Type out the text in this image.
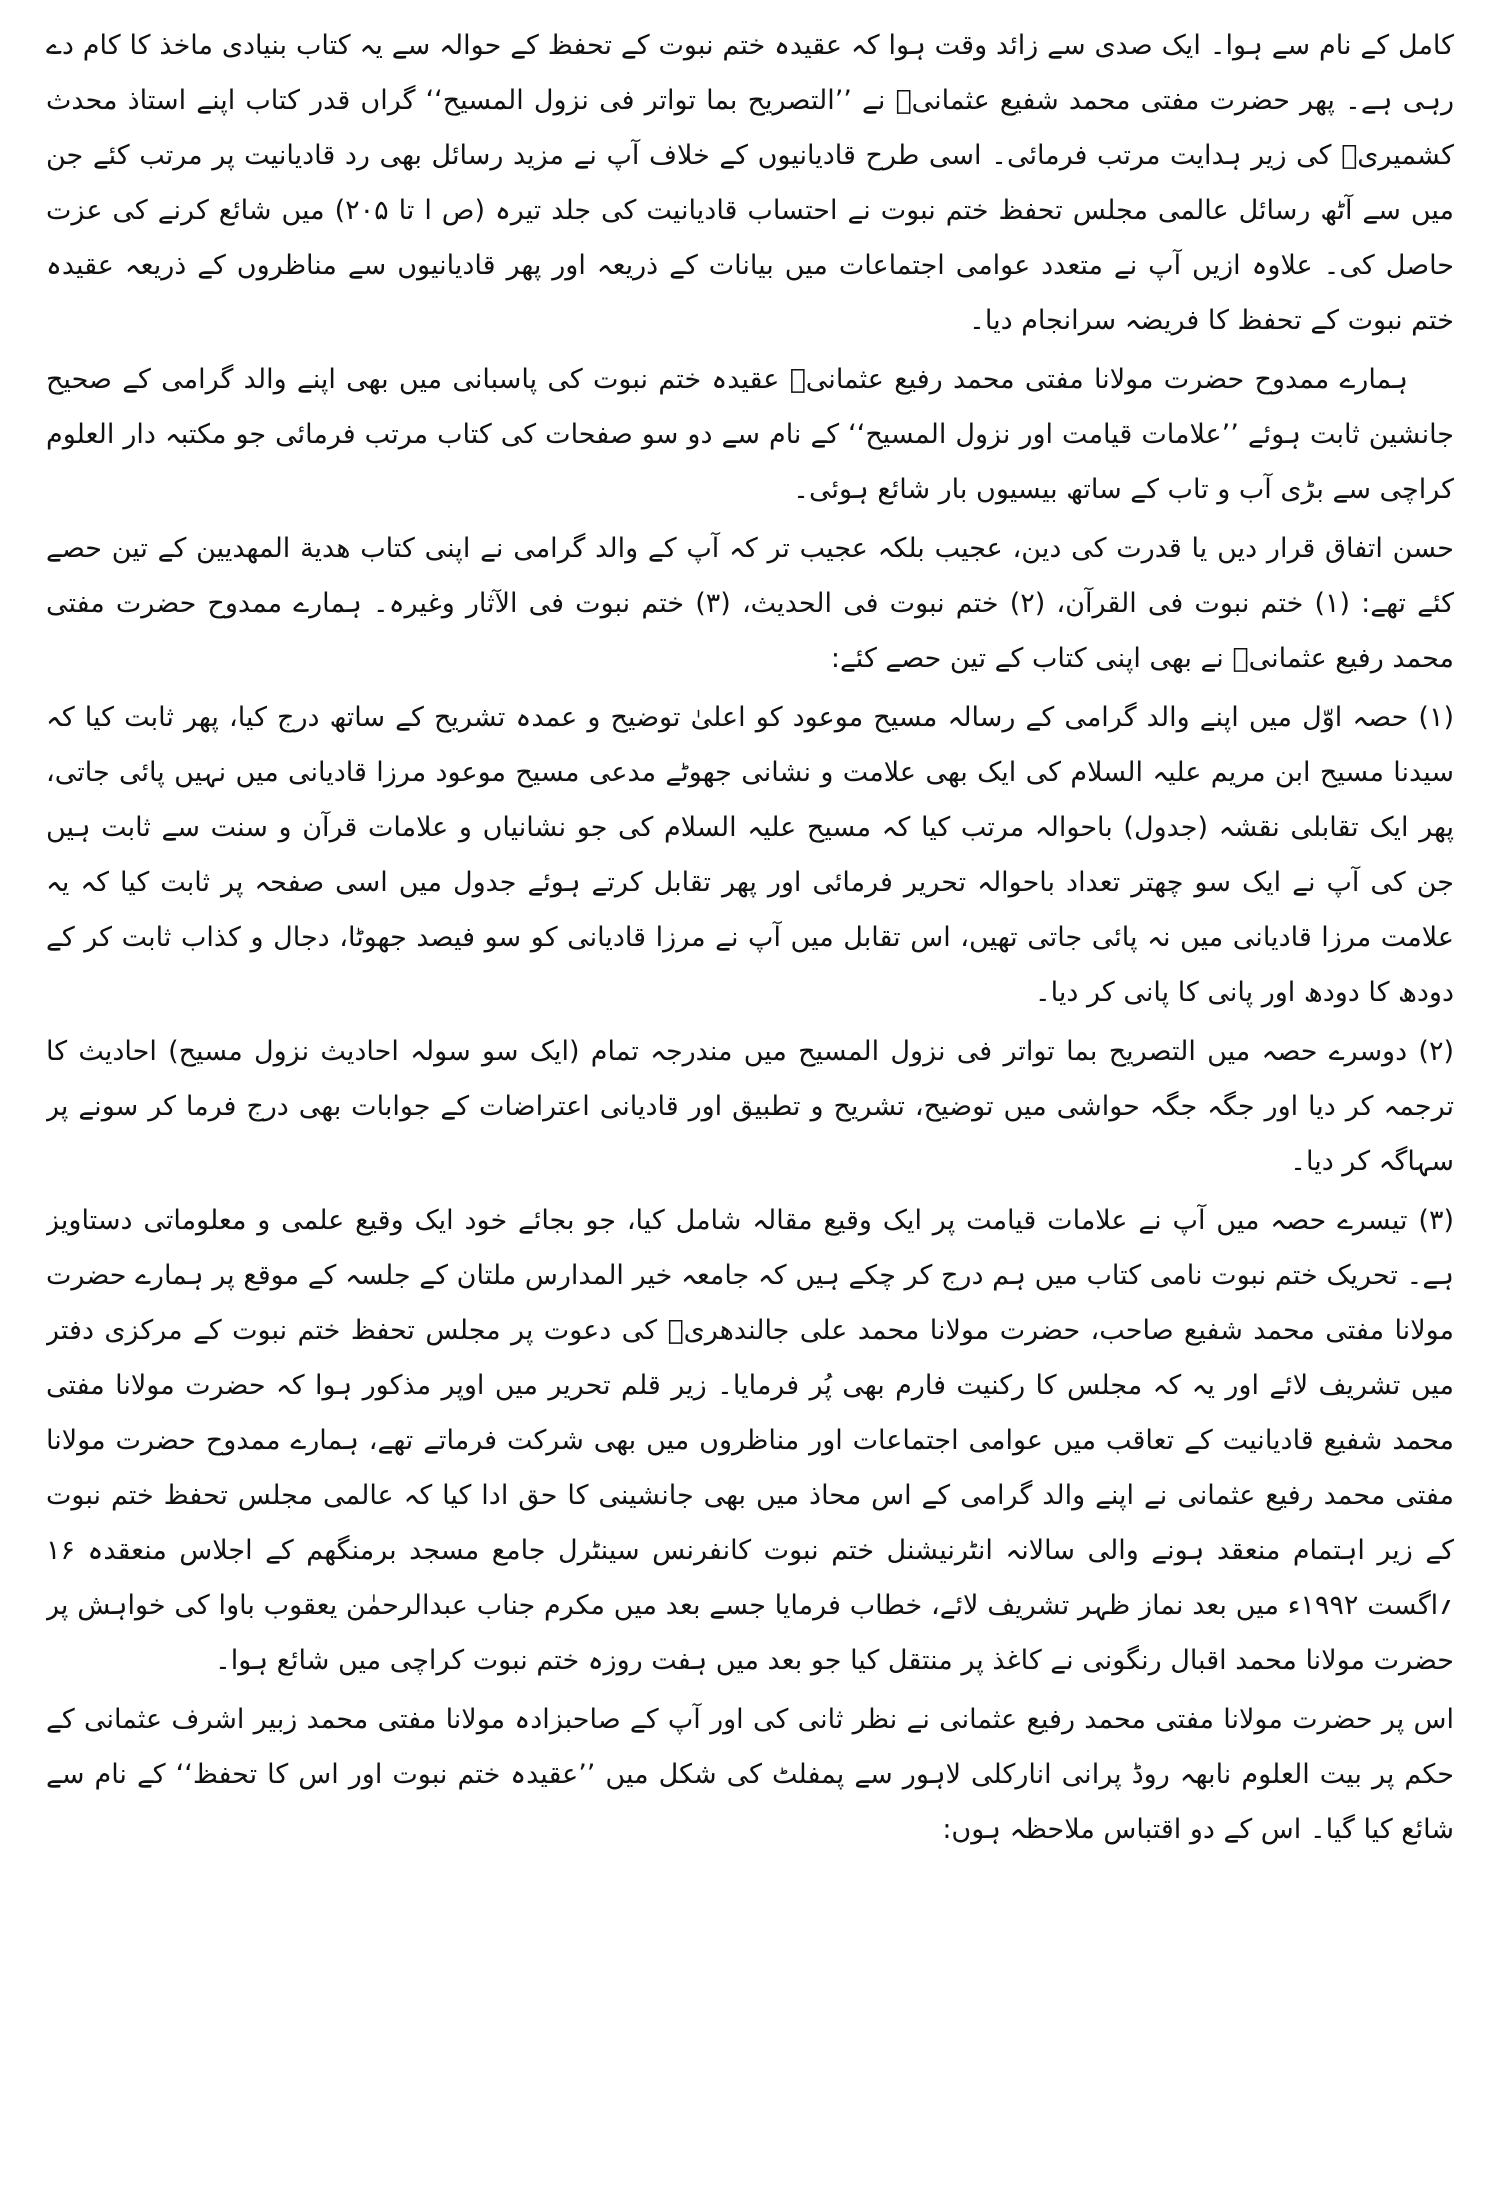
کامل کے نام سے ہوا۔ ایک صدی سے زائد وقت ہوا کہ عقیدہ ختم نبوت کے تحفظ کے حوالہ سے یہ کتاب بنیادی ماخذ کا کام دے رہی ہے۔ پھر حضرت مفتی محمد شفیع عثمانیؒ نے ’’التصریح بما تواتر فی نزول المسیح‘‘ گراں قدر کتاب اپنے استاذ محدث کشمیریؒ کی زیر ہدایت مرتب فرمائی۔ اسی طرح قادیانیوں کے خلاف آپ نے مزید رسائل بھی رد قادیانیت پر مرتب کئے جن میں سے آٹھ رسائل عالمی مجلس تحفظ ختم نبوت نے احتساب قادیانیت کی جلد تیرہ (ص ا تا ۲۰۵) میں شائع کرنے کی عزت حاصل کی۔ علاوہ ازیں آپ نے متعدد عوامی اجتماعات میں بیانات کے ذریعہ اور پھر قادیانیوں سے مناظروں کے ذریعہ عقیدہ ختم نبوت کے تحفظ کا فریضہ سرانجام دیا۔

ہمارے ممدوح حضرت مولانا مفتی محمد رفیع عثمانیؒ عقیدہ ختم نبوت کی پاسبانی میں بھی اپنے والد گرامی کے صحیح جانشین ثابت ہوئے ’’علامات قیامت اور نزول المسیح‘‘ کے نام سے دو سو صفحات کی کتاب مرتب فرمائی جو مکتبہ دار العلوم کراچی سے بڑی آب و تاب کے ساتھ بیسیوں بار شائع ہوئی۔

حسن اتفاق قرار دیں یا قدرت کی دین، عجیب بلکہ عجیب تر کہ آپ کے والد گرامی نے اپنی کتاب ھدیة المھدیین کے تین حصے کئے تھے: (۱) ختم نبوت فی القرآن، (۲) ختم نبوت فی الحدیث، (۳) ختم نبوت فی الآثار وغیرہ۔ ہمارے ممدوح حضرت مفتی محمد رفیع عثمانیؒ نے بھی اپنی کتاب کے تین حصے کئے:

(۱) حصہ اوّل میں اپنے والد گرامی کے رسالہ مسیح موعود کو اعلیٰ توضیح و عمدہ تشریح کے ساتھ درج کیا، پھر ثابت کیا کہ سیدنا مسیح ابن مریم علیہ السلام کی ایک بھی علامت و نشانی جھوٹے مدعی مسیح موعود مرزا قادیانی میں نہیں پائی جاتی، پھر ایک تقابلی نقشہ (جدول) باحوالہ مرتب کیا کہ مسیح علیہ السلام کی جو نشانیاں و علامات قرآن و سنت سے ثابت ہیں جن کی آپ نے ایک سو چھتر تعداد باحوالہ تحریر فرمائی اور پھر تقابل کرتے ہوئے جدول میں اسی صفحہ پر ثابت کیا کہ یہ علامت مرزا قادیانی میں نہ پائی جاتی تھیں، اس تقابل میں آپ نے مرزا قادیانی کو سو فیصد جھوٹا، دجال و کذاب ثابت کر کے دودھ کا دودھ اور پانی کا پانی کر دیا۔

(۲) دوسرے حصہ میں التصریح بما تواتر فی نزول المسیح میں مندرجہ تمام (ایک سو سولہ احادیث نزول مسیح) احادیث کا ترجمہ کر دیا اور جگہ جگہ حواشی میں توضیح، تشریح و تطبیق اور قادیانی اعتراضات کے جوابات بھی درج فرما کر سونے پر سہاگہ کر دیا۔

(۳) تیسرے حصہ میں آپ نے علامات قیامت پر ایک وقیع مقالہ شامل کیا، جو بجائے خود ایک وقیع علمی و معلوماتی دستاویز ہے۔ تحریک ختم نبوت نامی کتاب میں ہم درج کر چکے ہیں کہ جامعہ خیر المدارس ملتان کے جلسہ کے موقع پر ہمارے حضرت مولانا مفتی محمد شفیع صاحب، حضرت مولانا محمد علی جالندھریؒ کی دعوت پر مجلس تحفظ ختم نبوت کے مرکزی دفتر میں تشریف لائے اور یہ کہ مجلس کا رکنیت فارم بھی پُر فرمایا۔ زیر قلم تحریر میں اوپر مذکور ہوا کہ حضرت مولانا مفتی محمد شفیع قادیانیت کے تعاقب میں عوامی اجتماعات اور مناظروں میں بھی شرکت فرماتے تھے، ہمارے ممدوح حضرت مولانا مفتی محمد رفیع عثمانی نے اپنے والد گرامی کے اس محاذ میں بھی جانشینی کا حق ادا کیا کہ عالمی مجلس تحفظ ختم نبوت کے زیر اہتمام منعقد ہونے والی سالانہ انٹرنیشنل ختم نبوت کانفرنس سینٹرل جامع مسجد برمنگھم کے اجلاس منعقدہ ۱۶ ؍اگست ۱۹۹۲ء میں بعد نماز ظہر تشریف لائے، خطاب فرمایا جسے بعد میں مکرم جناب عبدالرحمٰن یعقوب باوا کی خواہش پر حضرت مولانا محمد اقبال رنگونی نے کاغذ پر منتقل کیا جو بعد میں ہفت روزہ ختم نبوت کراچی میں شائع ہوا۔

اس پر حضرت مولانا مفتی محمد رفیع عثمانی نے نظر ثانی کی اور آپ کے صاحبزادہ مولانا مفتی محمد زبیر اشرف عثمانی کے حکم پر بیت العلوم نابھہ روڈ پرانی انارکلی لاہور سے پمفلٹ کی شکل میں ’’عقیدہ ختم نبوت اور اس کا تحفظ‘‘ کے نام سے شائع کیا گیا۔ اس کے دو اقتباس ملاحظہ ہوں:
